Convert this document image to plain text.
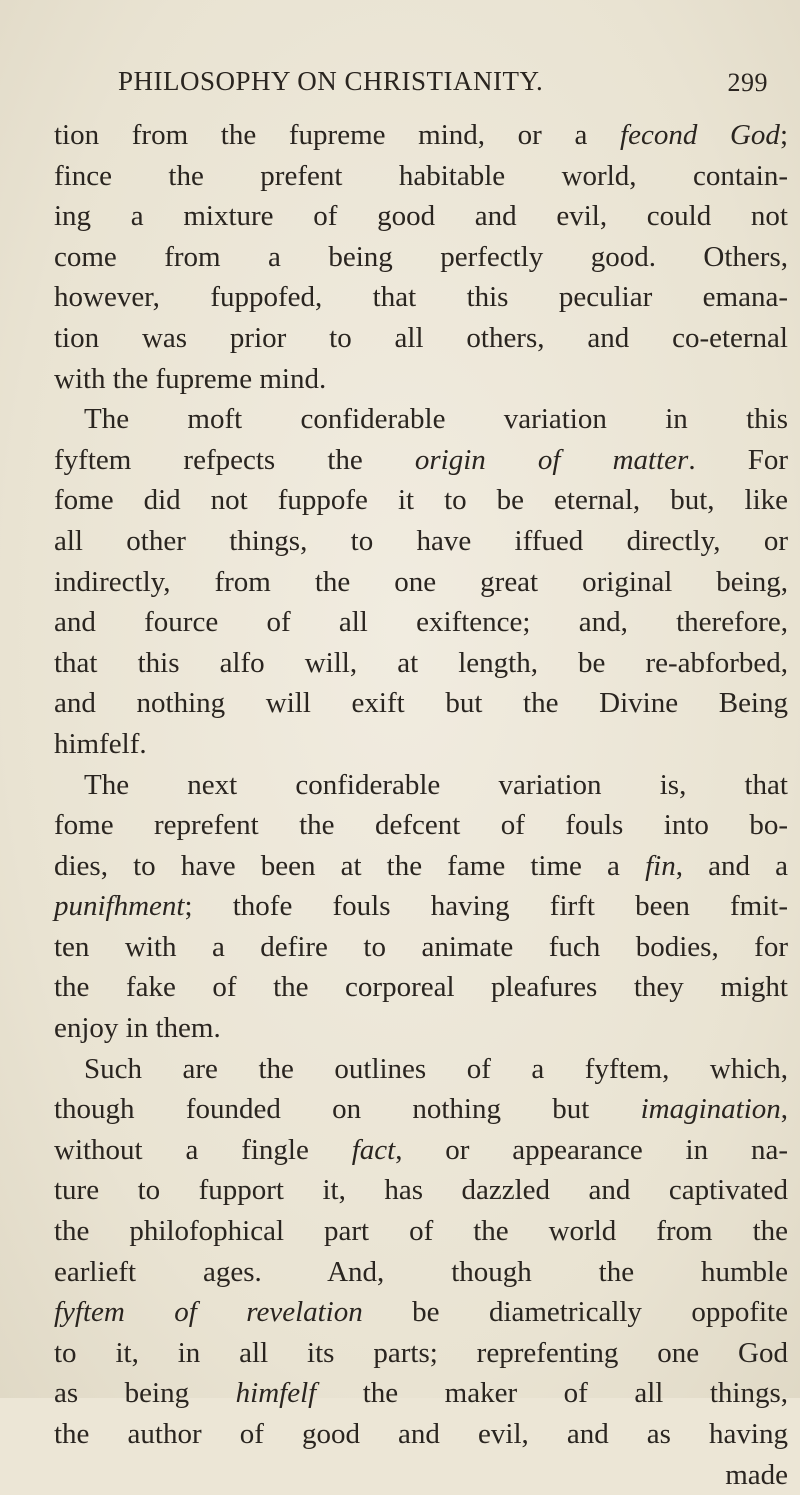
PHILOSOPHY ON CHRISTIANITY.	299
tion from the fupreme mind, or a fecond God;
fince the prefent habitable world, contain-
ing a mixture of good and evil, could not
come from a being perfectly good. Others,
however, fuppofed, that this peculiar emana-
tion was prior to all others, and co-eternal
with the fupreme mind.
The moft confiderable variation in this
fyftem refpects the origin of matter. For
fome did not fuppofe it to be eternal, but, like
all other things, to have iffued directly, or
indirectly, from the one great original being,
and fource of all exiftence; and, therefore,
that this alfo will, at length, be re-abforbed,
and nothing will exift but the Divine Being
himfelf.
The next confiderable variation is, that
fome reprefent the defcent of fouls into bo-
dies, to have been at the fame time a fin, and a
punifhment; thofe fouls having firft been fmit-
ten with a defire to animate fuch bodies, for
the fake of the corporeal pleafures they might
enjoy in them.
Such are the outlines of a fyftem, which,
though founded on nothing but imagination,
without a fingle fact, or appearance in na-
ture to fupport it, has dazzled and captivated
the philofophical part of the world from the
earlieft ages. And, though the humble
fyftem of revelation be diametrically oppofite
to it, in all its parts; reprefenting one God
as being himfelf the maker of all things,
the author of good and evil, and as having
made
